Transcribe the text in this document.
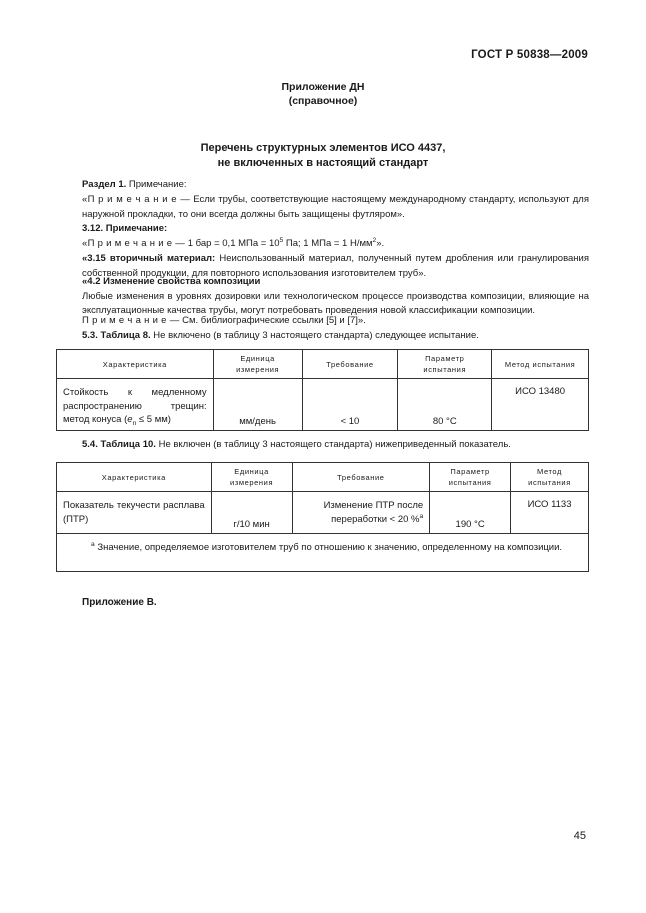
ГОСТ Р 50838—2009
Приложение ДН
(справочное)
Перечень структурных элементов ИСО 4437,
не включенных в настоящий стандарт

Раздел 1. Примечание:

«П р и м е ч а н и е — Если трубы, соответствующие настоящему международному стандарту, используют для наружной прокладки, то они всегда должны быть защищены футляром».

3.12. Примечание:

«П р и м е ч а н и е — 1 бар = 0,1 МПа = $10^5$ Па; 1 МПа = 1 $Н/мм^2$».

«3.15 вторичный материал: Неиспользованный материал, полученный путем дробления или гранулирования собственной продукции, для повторного использования изготовителем труб».

«4.2 Изменение свойства композиции

Любые изменения в уровнях дозировки или технологическом процессе производства композиции, влияющие на эксплуатационные качества трубы, могут потребовать проведения новой классификации композиции.

П р и м е ч а н и е — См. библиографические ссылки [5] и [7]».

5.3. Таблица 8. Не включено (в таблицу 3 настоящего стандарта) следующее испытание.

Характеристика	Единица измерения	Требование	Параметр испытания	Метод испытания
Стойкость к медленному распространению трещин: метод конуса ($e_n \le 5$ мм)	мм/день	< 10	80 °С	ИСО 13480

5.4. Таблица 10. Не включен (в таблицу 3 настоящего стандарта) нижеприведенный показатель.

Характеристика	Единица измерения	Требование	Параметр испытания	Метод испытания
Показатель текучести расплава (ПТР)	г/10 мин	Изменение ПТР после переработки < 20 %$^а$	190 °С	ИСО 1133
$^а$ Значение, определяемое изготовителем труб по отношению к значению, определенному на композиции.				
Приложение В.
45
